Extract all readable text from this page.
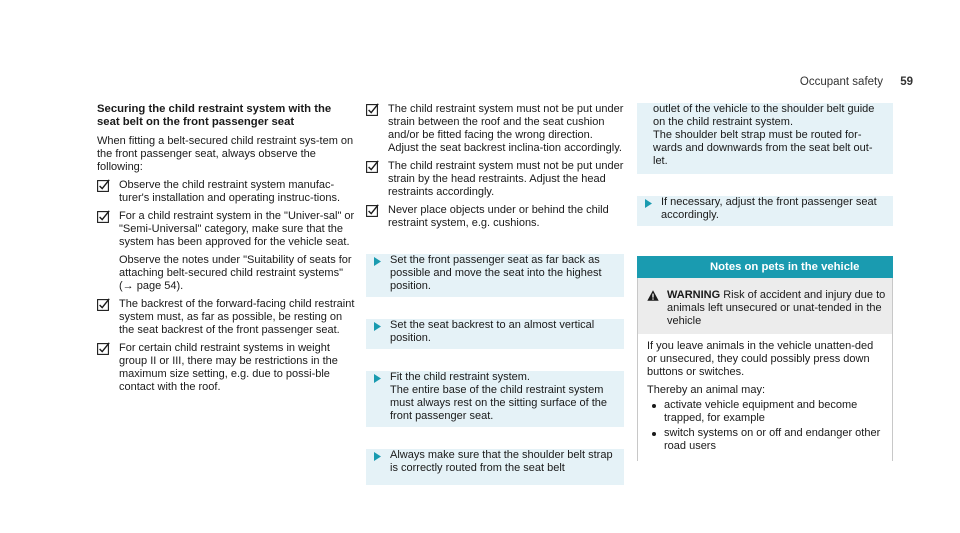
Occupant safety 59
Securing the child restraint system with the seat belt on the front passenger seat

When fitting a belt-secured child restraint sys-tem on the front passenger seat, always observe the following:

Observe the child restraint system manufac-turer's installation and operating instruc-tions.
For a child restraint system in the "Univer-sal" or "Semi-Universal" category, make sure that the system has been approved for the vehicle seat.
Observe the notes under "Suitability of seats for attaching belt-secured child restraint systems" (→ page 54).
The backrest of the forward-facing child restraint system must, as far as possible, be resting on the seat backrest of the front passenger seat.
For certain child restraint systems in weight group II or III, there may be restrictions in the maximum size setting, e.g. due to possi-ble contact with the roof.
The child restraint system must not be put under strain between the roof and the seat cushion and/or be fitted facing the wrong direction. Adjust the seat backrest inclina-tion accordingly.
The child restraint system must not be put under strain by the head restraints. Adjust the head restraints accordingly.
Never place objects under or behind the child restraint system, e.g. cushions.
Set the front passenger seat as far back as possible and move the seat into the highest position.
Set the seat backrest to an almost vertical position.
Fit the child restraint system.
The entire base of the child restraint system must always rest on the sitting surface of the front passenger seat.
Always make sure that the shoulder belt strap is correctly routed from the seat belt
outlet of the vehicle to the shoulder belt guide on the child restraint system.
The shoulder belt strap must be routed for-wards and downwards from the seat belt out-let.
If necessary, adjust the front passenger seat accordingly.
Notes on pets in the vehicle
WARNING Risk of accident and injury due to animals left unsecured or unat-tended in the vehicle

If you leave animals in the vehicle unatten-ded or unsecured, they could possibly press down buttons or switches.

Thereby an animal may:

activate vehicle equipment and become trapped, for example
switch systems on or off and endanger other road users
